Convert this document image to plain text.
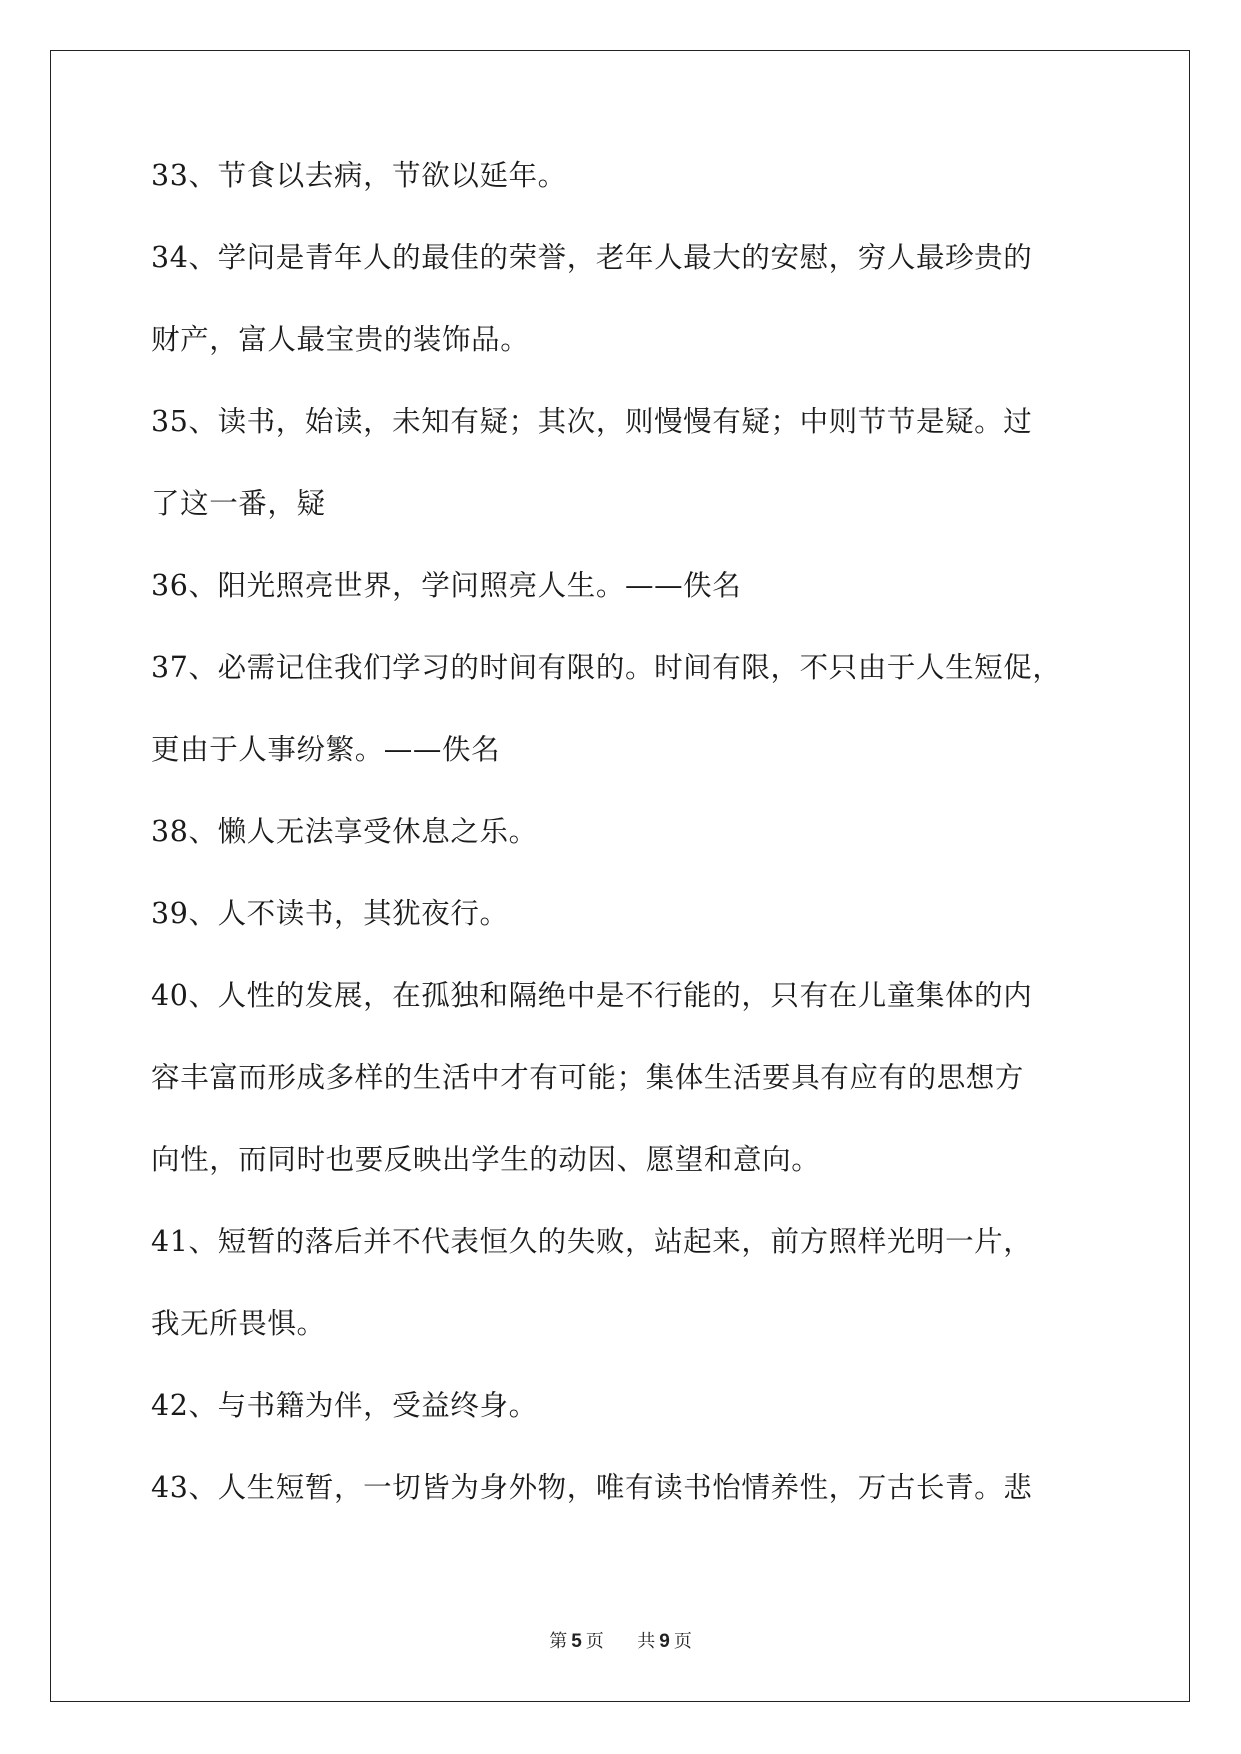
33、节食以去病，节欲以延年。
34、学问是青年人的最佳的荣誉，老年人最大的安慰，穷人最珍贵的
财产，富人最宝贵的装饰品。
35、读书，始读，未知有疑；其次，则慢慢有疑；中则节节是疑。过
了这一番，疑
36、阳光照亮世界，学问照亮人生。——佚名
37、必需记住我们学习的时间有限的。时间有限，不只由于人生短促，
更由于人事纷繁。——佚名
38、懒人无法享受休息之乐。
39、人不读书，其犹夜行。
40、人性的发展，在孤独和隔绝中是不行能的，只有在儿童集体的内
容丰富而形成多样的生活中才有可能；集体生活要具有应有的思想方
向性，而同时也要反映出学生的动因、愿望和意向。
41、短暂的落后并不代表恒久的失败，站起来，前方照样光明一片，
我无所畏惧。
42、与书籍为伴，受益终身。
43、人生短暂，一切皆为身外物，唯有读书怡情养性，万古长青。悲
第 5 页 共 9 页
